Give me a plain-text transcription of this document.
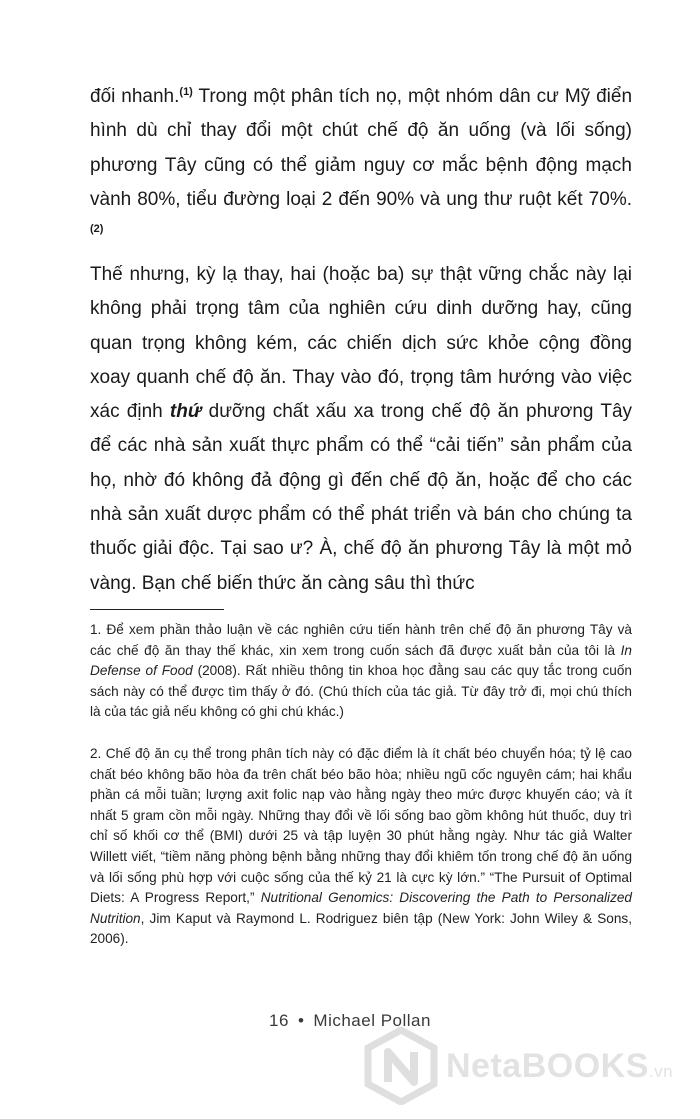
đối nhanh.$^{(1)}$ Trong một phân tích nọ, một nhóm dân cư Mỹ điển hình dù chỉ thay đổi một chút chế độ ăn uống (và lối sống) phương Tây cũng có thể giảm nguy cơ mắc bệnh động mạch vành 80%, tiểu đường loại 2 đến 90% và ung thư ruột kết 70%.$^{(2)}$

Thế nhưng, kỳ lạ thay, hai (hoặc ba) sự thật vững chắc này lại không phải trọng tâm của nghiên cứu dinh dưỡng hay, cũng quan trọng không kém, các chiến dịch sức khỏe cộng đồng xoay quanh chế độ ăn. Thay vào đó, trọng tâm hướng vào việc xác định thứ dưỡng chất xấu xa trong chế độ ăn phương Tây để các nhà sản xuất thực phẩm có thể “cải tiến” sản phẩm của họ, nhờ đó không đả động gì đến chế độ ăn, hoặc để cho các nhà sản xuất dược phẩm có thể phát triển và bán cho chúng ta thuốc giải độc. Tại sao ư? À, chế độ ăn phương Tây là một mỏ vàng. Bạn chế biến thức ăn càng sâu thì thức

1. Để xem phần thảo luận về các nghiên cứu tiến hành trên chế độ ăn phương Tây và các chế độ ăn thay thế khác, xin xem trong cuốn sách đã được xuất bản của tôi là In Defense of Food (2008). Rất nhiều thông tin khoa học đằng sau các quy tắc trong cuốn sách này có thể được tìm thấy ở đó. (Chú thích của tác giả. Từ đây trở đi, mọi chú thích là của tác giả nếu không có ghi chú khác.)

2. Chế độ ăn cụ thể trong phân tích này có đặc điểm là ít chất béo chuyển hóa; tỷ lệ cao chất béo không bão hòa đa trên chất béo bão hòa; nhiều ngũ cốc nguyên cám; hai khẩu phần cá mỗi tuần; lượng axit folic nạp vào hằng ngày theo mức được khuyến cáo; và ít nhất 5 gram cồn mỗi ngày. Những thay đổi về lối sống bao gồm không hút thuốc, duy trì chỉ số khối cơ thể (BMI) dưới 25 và tập luyện 30 phút hằng ngày. Như tác giả Walter Willett viết, “tiềm năng phòng bệnh bằng những thay đổi khiêm tốn trong chế độ ăn uống và lối sống phù hợp với cuộc sống của thế kỷ 21 là cực kỳ lớn.” “The Pursuit of Optimal Diets: A Progress Report,” Nutritional Genomics: Discovering the Path to Personalized Nutrition, Jim Kaput và Raymond L. Rodriguez biên tập (New York: John Wiley & Sons, 2006).

16 • Michael Pollan
NetaBOOKS.vn
